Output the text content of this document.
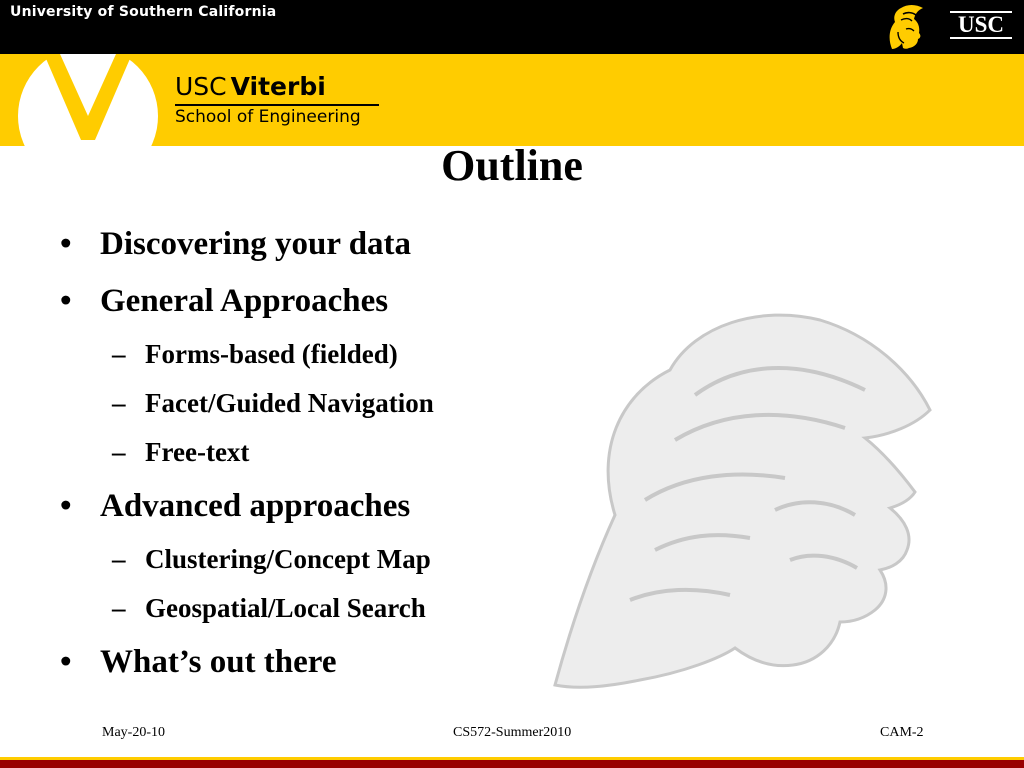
University of Southern California	USC
USC Viterbi
School of Engineering
Outline
• Discovering your data
• General Approaches
– Forms-based (fielded)
– Facet/Guided Navigation
– Free-text
• Advanced approaches
– Clustering/Concept Map
– Geospatial/Local Search
• What’s out there
May-20-10	CS572-Summer2010	CAM-2
